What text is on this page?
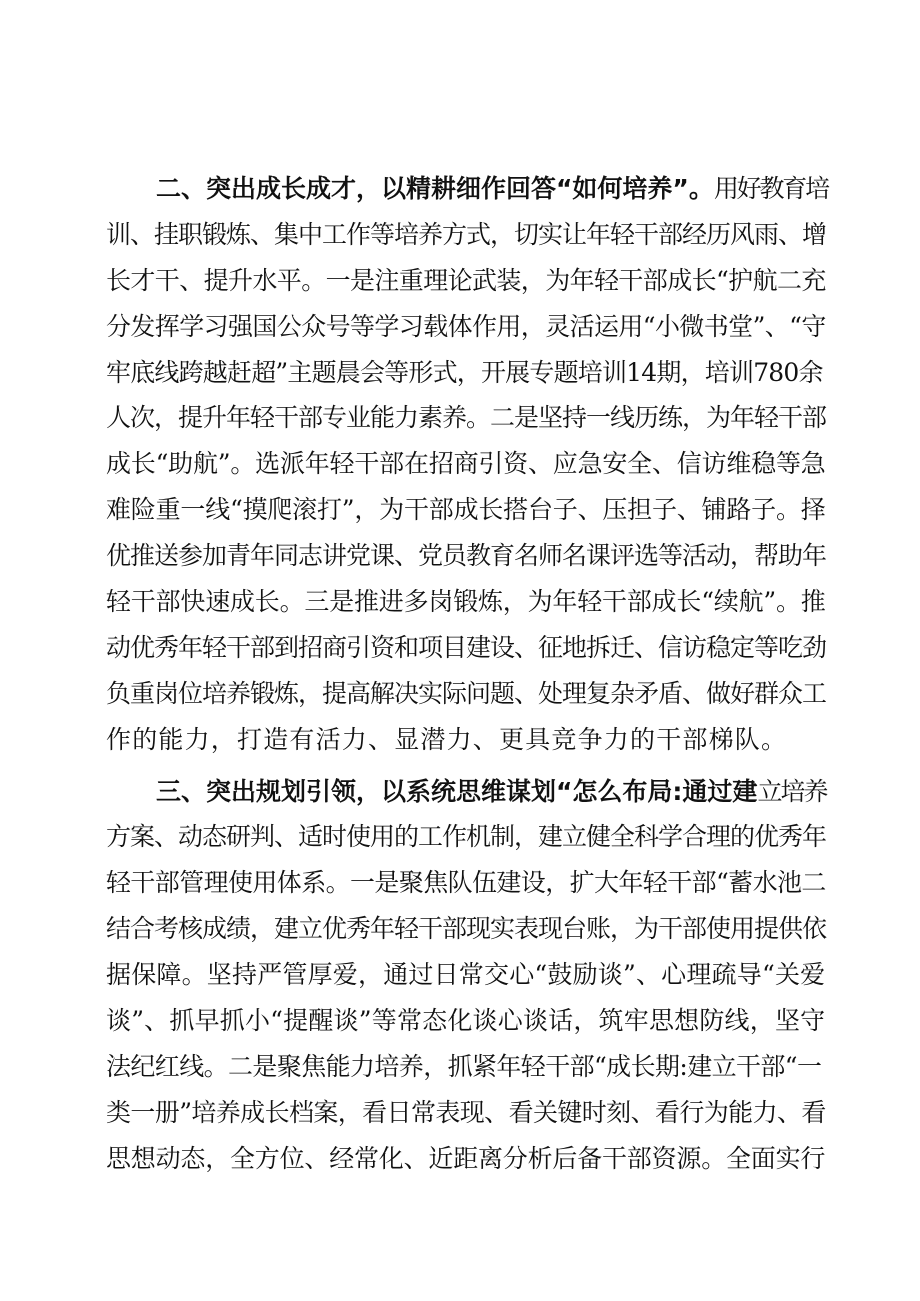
　　二、突出成长成才，以精耕细作回答“如何培养”。用好教育培
训、挂职锻炼、集中工作等培养方式，切实让年轻干部经历风雨、增
长才干、提升水平。一是注重理论武装，为年轻干部成长“护航二充
分发挥学习强国公众号等学习载体作用，灵活运用“小微书堂”、“守
牢底线跨越赶超”主题晨会等形式，开展专题培训14期，培训780余
人次，提升年轻干部专业能力素养。二是坚持一线历练，为年轻干部
成长“助航”。选派年轻干部在招商引资、应急安全、信访维稳等急
难险重一线“摸爬滚打”，为干部成长搭台子、压担子、铺路子。择
优推送参加青年同志讲党课、党员教育名师名课评选等活动，帮助年
轻干部快速成长。三是推进多岗锻炼，为年轻干部成长“续航”。推
动优秀年轻干部到招商引资和项目建设、征地拆迁、信访稳定等吃劲
负重岗位培养锻炼，提高解决实际问题、处理复杂矛盾、做好群众工
作的能力，打造有活力、显潜力、更具竞争力的干部梯队。
　　三、突出规划引领，以系统思维谋划“怎么布局:通过建立培养
方案、动态研判、适时使用的工作机制，建立健全科学合理的优秀年
轻干部管理使用体系。一是聚焦队伍建设，扩大年轻干部“蓄水池二
结合考核成绩，建立优秀年轻干部现实表现台账，为干部使用提供依
据保障。坚持严管厚爱，通过日常交心“鼓励谈”、心理疏导“关爱
谈”、抓早抓小“提醒谈”等常态化谈心谈话，筑牢思想防线，坚守
法纪红线。二是聚焦能力培养，抓紧年轻干部“成长期:建立干部“一
类一册”培养成长档案，看日常表现、看关键时刻、看行为能力、看
思想动态，全方位、经常化、近距离分析后备干部资源。全面实行
